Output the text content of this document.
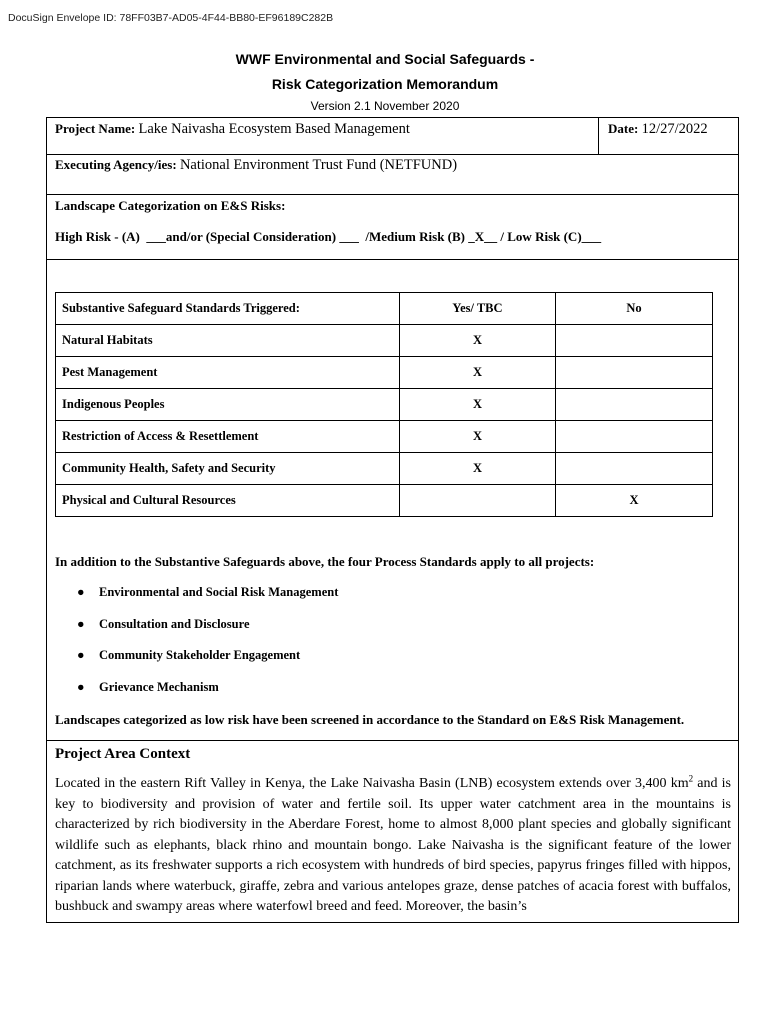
DocuSign Envelope ID: 78FF03B7-AD05-4F44-BB80-EF96189C282B
WWF Environmental and Social Safeguards -
Risk Categorization Memorandum
Version 2.1 November 2020
Project Name: Lake Naivasha Ecosystem Based Management	Date: 12/27/2022
Executing Agency/ies: National Environment Trust Fund (NETFUND)
Landscape Categorization on E&S Risks:
High Risk - (A)  ___and/or (Special Consideration) ___  /Medium Risk (B) _X__ / Low Risk (C)___
Substantive Safeguard Standards Triggered:	Yes/ TBC	No
Natural Habitats	X	
Pest Management	X	
Indigenous Peoples	X	
Restriction of Access & Resettlement	X	
Community Health, Safety and Security	X	
Physical and Cultural Resources		X
In addition to the Substantive Safeguards above, the four Process Standards apply to all projects:
●	Environmental and Social Risk Management
●	Consultation and Disclosure
●	Community Stakeholder Engagement
●	Grievance Mechanism
Landscapes categorized as low risk have been screened in accordance to the Standard on E&S Risk Management.
Project Area Context
Located in the eastern Rift Valley in Kenya, the Lake Naivasha Basin (LNB) ecosystem extends over 3,400 $km^2$ and is key to biodiversity and provision of water and fertile soil. Its upper water catchment area in the mountains is characterized by rich biodiversity in the Aberdare Forest, home to almost 8,000 plant species and globally significant wildlife such as elephants, black rhino and mountain bongo. Lake Naivasha is the significant feature of the lower catchment, as its freshwater supports a rich ecosystem with hundreds of bird species, papyrus fringes filled with hippos, riparian lands where waterbuck, giraffe, zebra and various antelopes graze, dense patches of acacia forest with buffalos, bushbuck and swampy areas where waterfowl breed and feed. Moreover, the basin’s
